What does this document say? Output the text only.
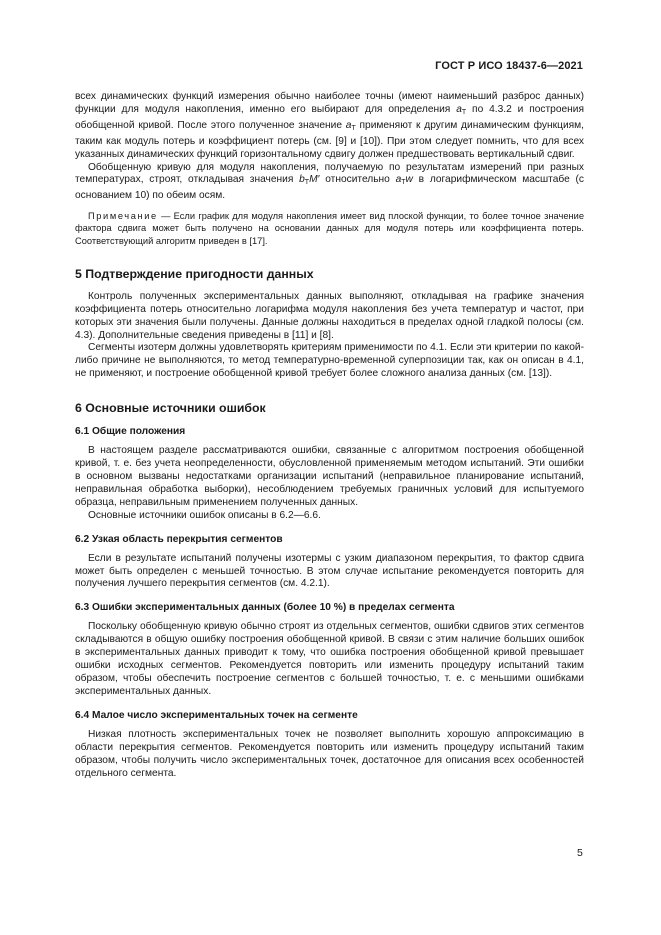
ГОСТ Р ИСО 18437-6—2021

всех динамических функций измерения обычно наиболее точны (имеют наименьший разброс данных) функции для модуля накопления, именно его выбирают для определения $a_T$ по 4.3.2 и построения обобщенной кривой. После этого полученное значение $a_T$ применяют к другим динамическим функциям, таким как модуль потерь и коэффициент потерь (см. [9] и [10]). При этом следует помнить, что для всех указанных динамических функций горизонтальному сдвигу должен предшествовать вертикальный сдвиг.

Обобщенную кривую для модуля накопления, получаемую по результатам измерений при разных температурах, строят, откладывая значения $b_TM'$ относительно $a_Tw$ в логарифмическом масштабе (с основанием 10) по обеим осям.

Примечание — Если график для модуля накопления имеет вид плоской функции, то более точное значение фактора сдвига может быть получено на основании данных для модуля потерь или коэффициента потерь. Соответствующий алгоритм приведен в [17].

5 Подтверждение пригодности данных

Контроль полученных экспериментальных данных выполняют, откладывая на графике значения коэффициента потерь относительно логарифма модуля накопления без учета температур и частот, при которых эти значения были получены. Данные должны находиться в пределах одной гладкой полосы (см. 4.3). Дополнительные сведения приведены в [11] и [8].

Сегменты изотерм должны удовлетворять критериям применимости по 4.1. Если эти критерии по какой-либо причине не выполняются, то метод температурно-временной суперпозиции так, как он описан в 4.1, не применяют, и построение обобщенной кривой требует более сложного анализа данных (см. [13]).

6 Основные источники ошибок
6.1 Общие положения

В настоящем разделе рассматриваются ошибки, связанные с алгоритмом построения обобщенной кривой, т. е. без учета неопределенности, обусловленной применяемым методом испытаний. Эти ошибки в основном вызваны недостатками организации испытаний (неправильное планирование испытаний, неправильная обработка выборки), несоблюдением требуемых граничных условий для испытуемого образца, неправильным применением полученных данных.

Основные источники ошибок описаны в 6.2—6.6.

6.2 Узкая область перекрытия сегментов

Если в результате испытаний получены изотермы с узким диапазоном перекрытия, то фактор сдвига может быть определен с меньшей точностью. В этом случае испытание рекомендуется повторить для получения лучшего перекрытия сегментов (см. 4.2.1).

6.3 Ошибки экспериментальных данных (более 10 %) в пределах сегмента

Поскольку обобщенную кривую обычно строят из отдельных сегментов, ошибки сдвигов этих сегментов складываются в общую ошибку построения обобщенной кривой. В связи с этим наличие больших ошибок в экспериментальных данных приводит к тому, что ошибка построения обобщенной кривой превышает ошибки исходных сегментов. Рекомендуется повторить или изменить процедуру испытаний таким образом, чтобы обеспечить построение сегментов с большей точностью, т. е. с меньшими ошибками экспериментальных данных.

6.4 Малое число экспериментальных точек на сегменте

Низкая плотность экспериментальных точек не позволяет выполнить хорошую аппроксимацию в области перекрытия сегментов. Рекомендуется повторить или изменить процедуру испытаний таким образом, чтобы получить число экспериментальных точек, достаточное для описания всех особенностей отдельного сегмента.

5
